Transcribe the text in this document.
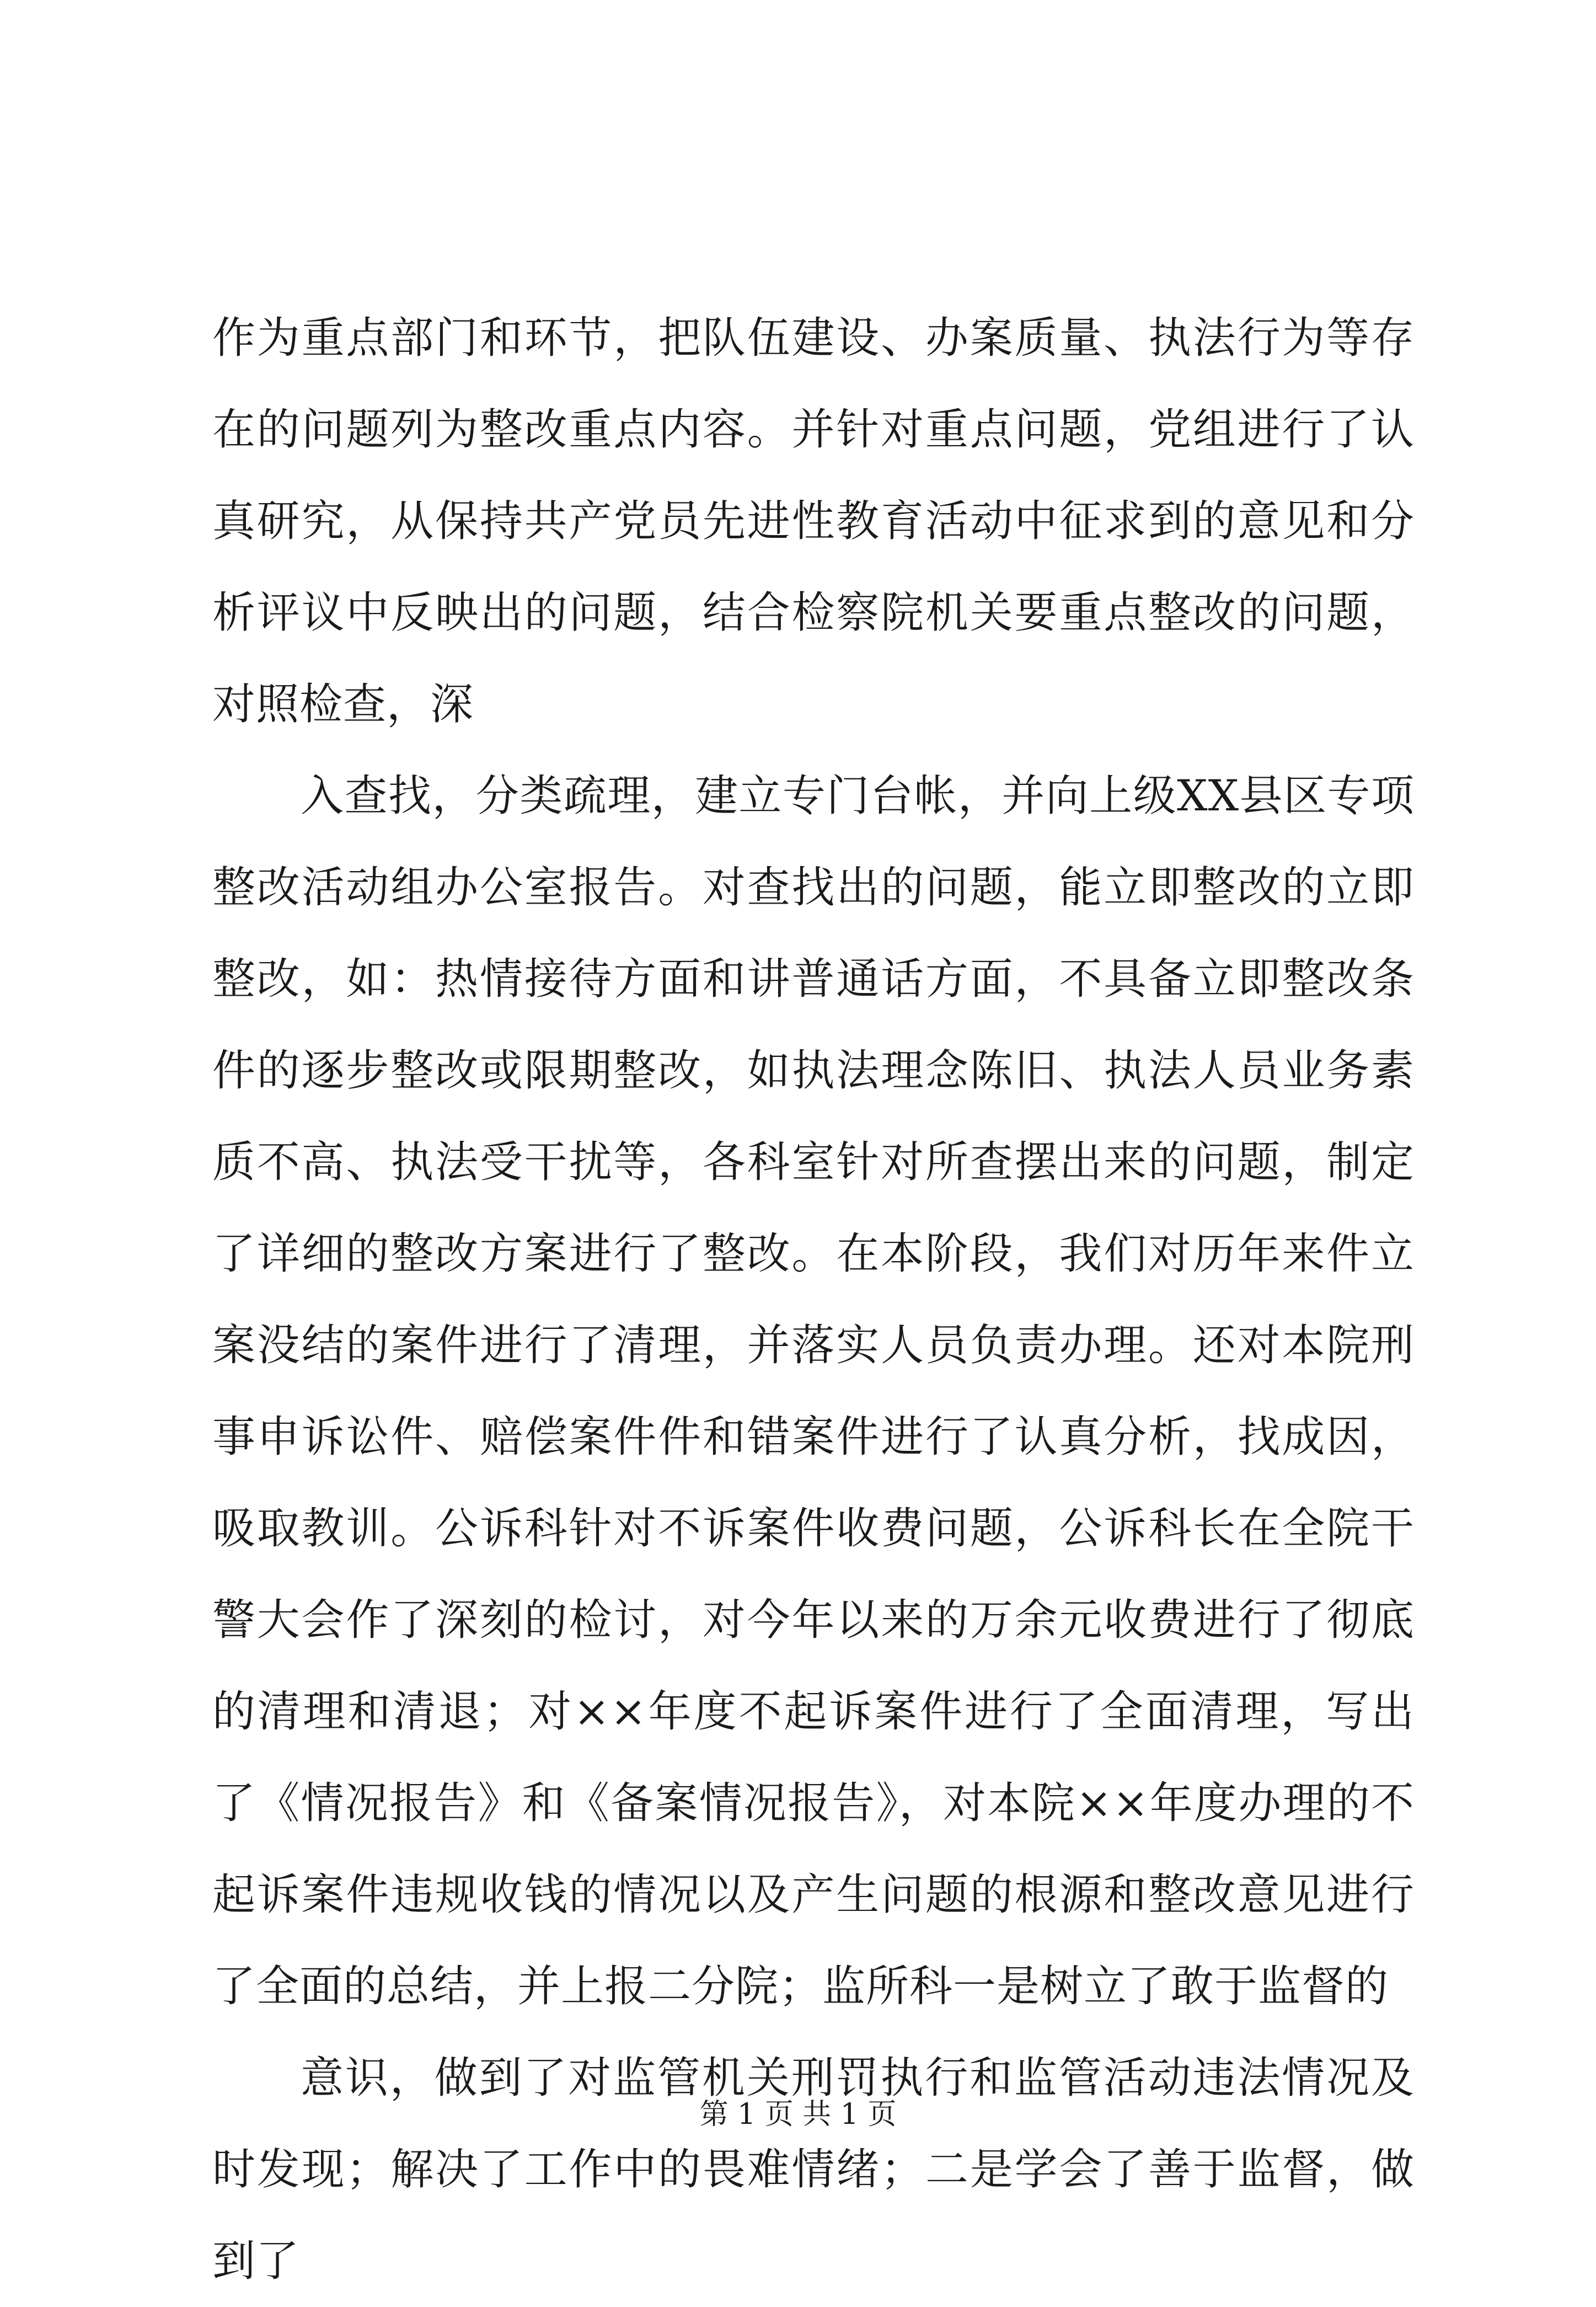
作为重点部门和环节，把队伍建设、办案质量、执法行为等存在的问题列为整改重点内容。并针对重点问题，党组进行了认真研究，从保持共产党员先进性教育活动中征求到的意见和分析评议中反映出的问题，结合检察院机关要重点整改的问题，对照检查，深

入查找，分类疏理，建立专门台帐，并向上级XX县区专项整改活动组办公室报告。对查找出的问题，能立即整改的立即整改，如：热情接待方面和讲普通话方面，不具备立即整改条件的逐步整改或限期整改，如执法理念陈旧、执法人员业务素质不高、执法受干扰等，各科室针对所查摆出来的问题，制定了详细的整改方案进行了整改。在本阶段，我们对历年来件立案没结的案件进行了清理，并落实人员负责办理。还对本院刑事申诉讼件、赔偿案件件和错案件进行了认真分析，找成因，吸取教训。公诉科针对不诉案件收费问题，公诉科长在全院干警大会作了深刻的检讨，对今年以来的万余元收费进行了彻底的清理和清退；对××年度不起诉案件进行了全面清理，写出了《情况报告》和《备案情况报告》，对本院××年度办理的不起诉案件违规收钱的情况以及产生问题的根源和整改意见进行了全面的总结，并上报二分院；监所科一是树立了敢于监督的

意识，做到了对监管机关刑罚执行和监管活动违法情况及时发现；解决了工作中的畏难情绪；二是学会了善于监督，做到了

第 1 页 共 1 页
